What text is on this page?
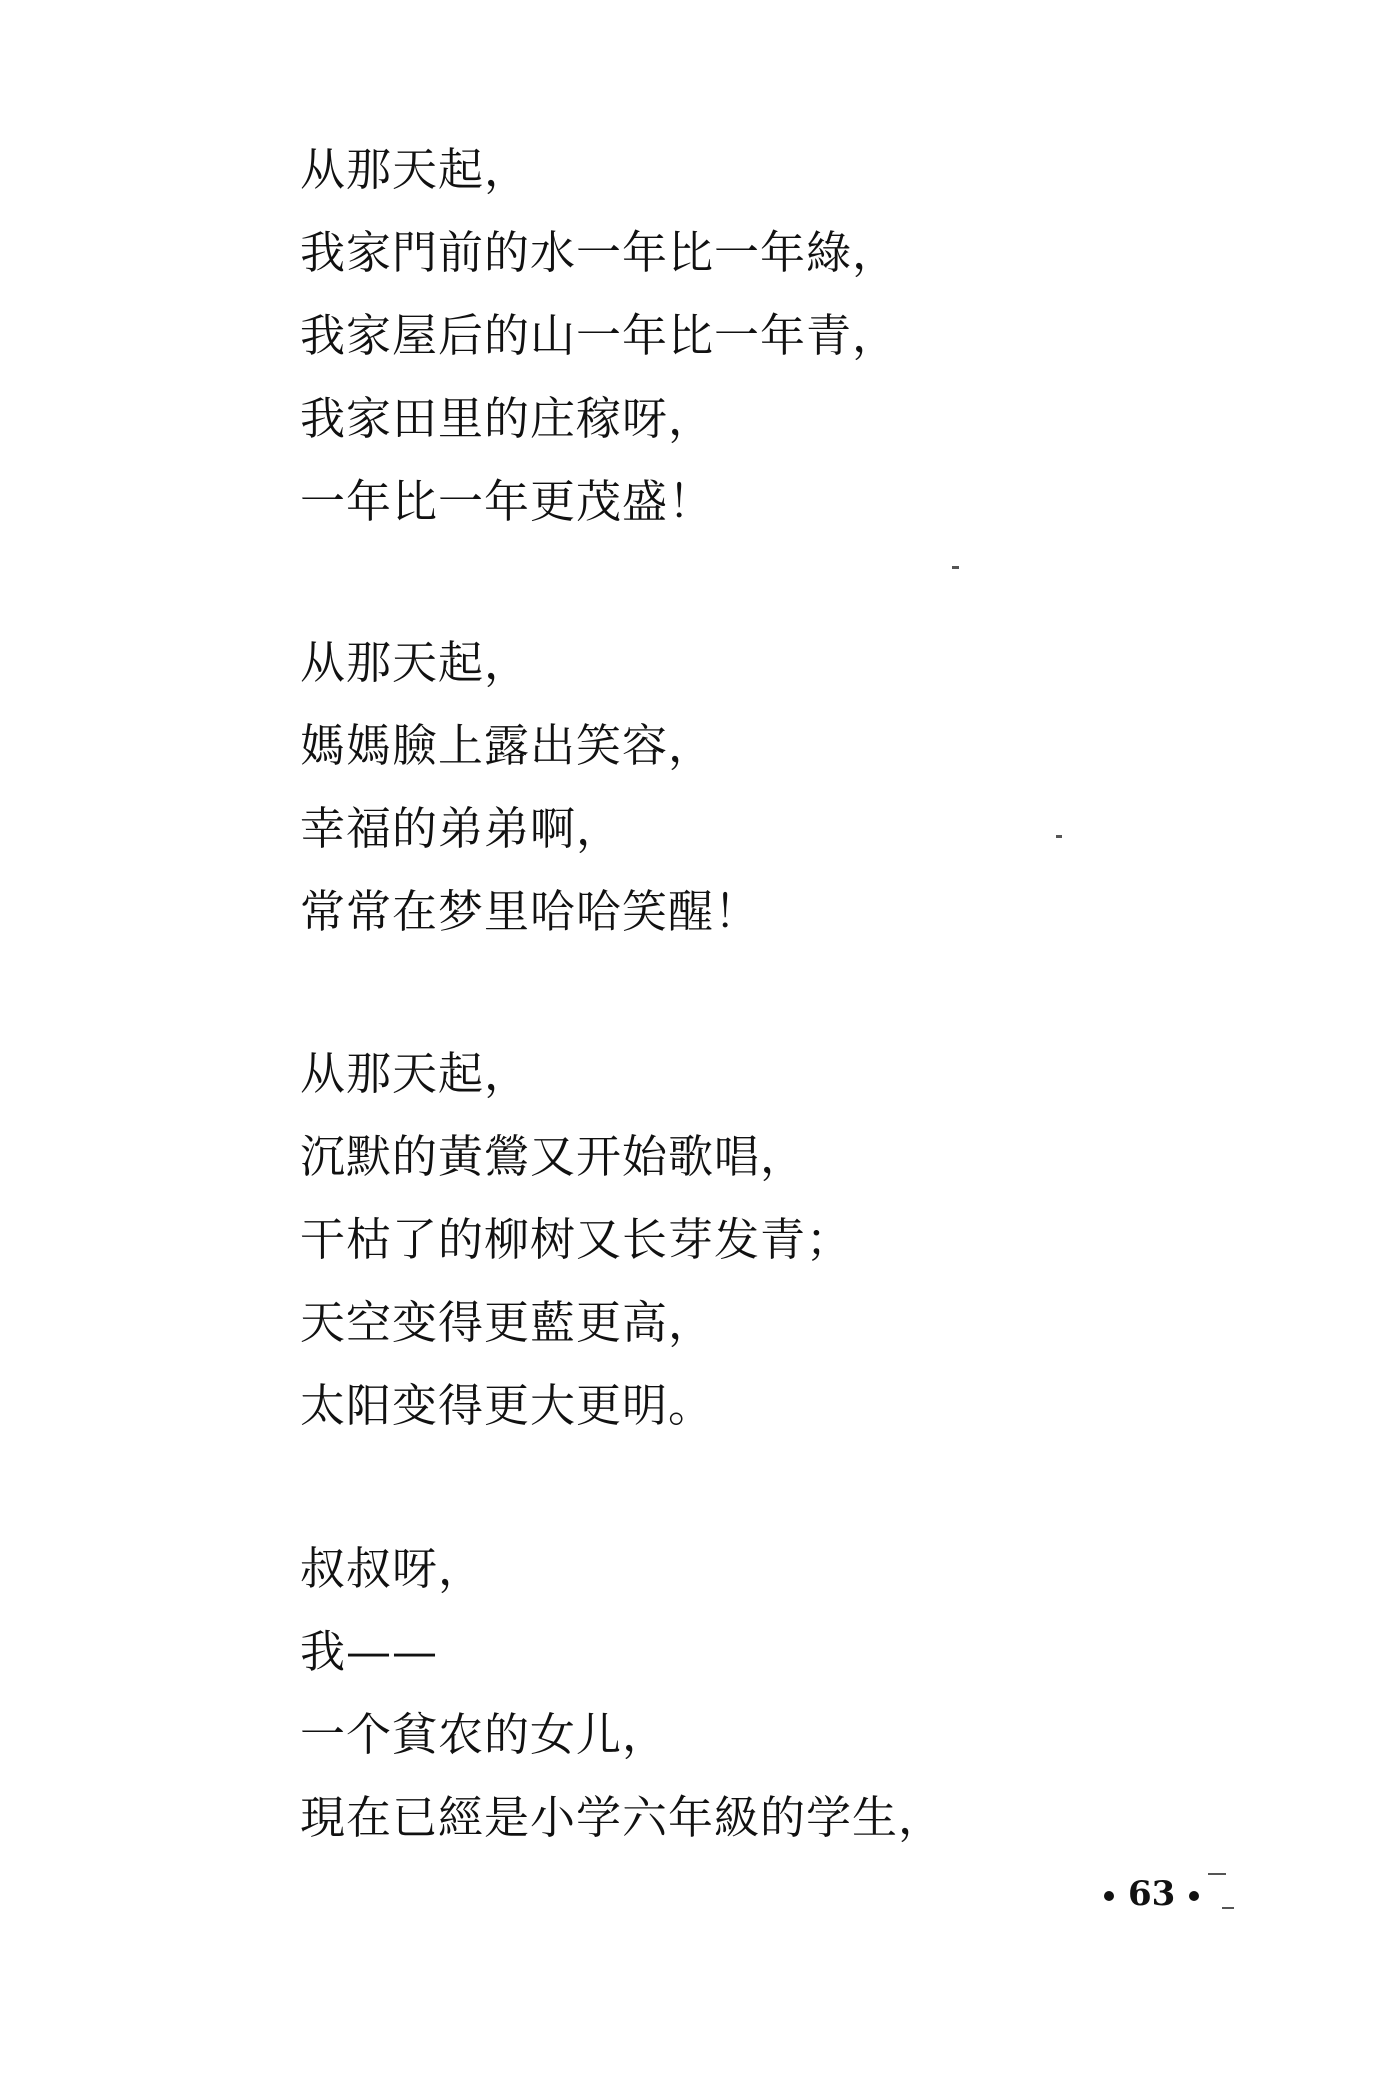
从那天起，
我家門前的水一年比一年綠，
我家屋后的山一年比一年青，
我家田里的庄稼呀，
一年比一年更茂盛！
从那天起，
媽媽臉上露出笑容，
幸福的弟弟啊，
常常在梦里哈哈笑醒！
从那天起，
沉默的黃鶯又开始歌唱，
干枯了的柳树又长芽发青；
天空变得更藍更高，
太阳变得更大更明。
叔叔呀，
我——
一个貧农的女儿，
現在已經是小学六年級的学生，
63
